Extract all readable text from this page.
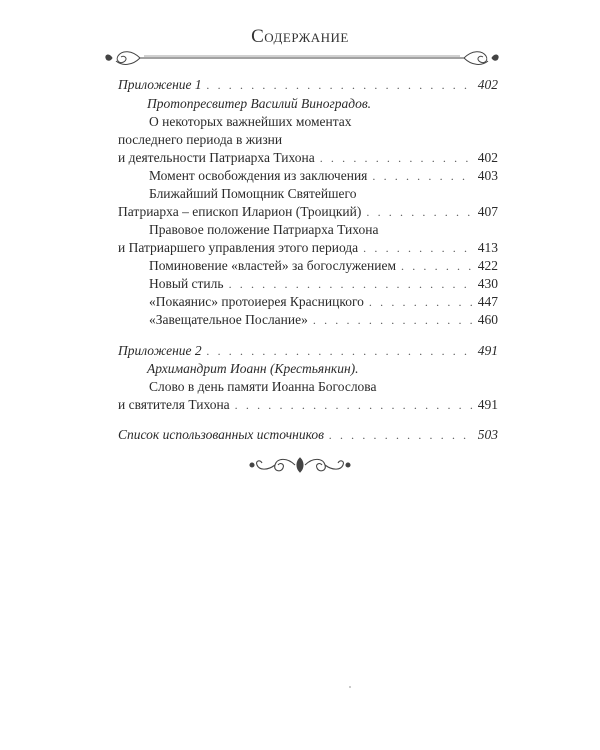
Содержание
Приложение 1 . . .	402
Протопресвитер Василий Виноградов.
О некоторых важнейших моментах
последнего периода в жизни
и деятельности Патриарха Тихона . . .	402
Момент освобождения из заключения . . .	403
Ближайший Помощник Святейшего
Патриарха – епископ Иларион (Троицкий) . . .	407
Правовое положение Патриарха Тихона
и Патриаршего управления этого периода . . .	413
Поминовение «властей» за богослужением . . .	422
Новый стиль . . .	430
«Покаянис» протоиерея Красницкого . . .	447
«Завещательное Послание» . . .	460
Приложение 2 . . .	491
Архимандрит Иоанн (Крестьянкин).
Слово в день памяти Иоанна Богослова
и святителя Тихона . . .	491
Список использованных источников . . .	503
